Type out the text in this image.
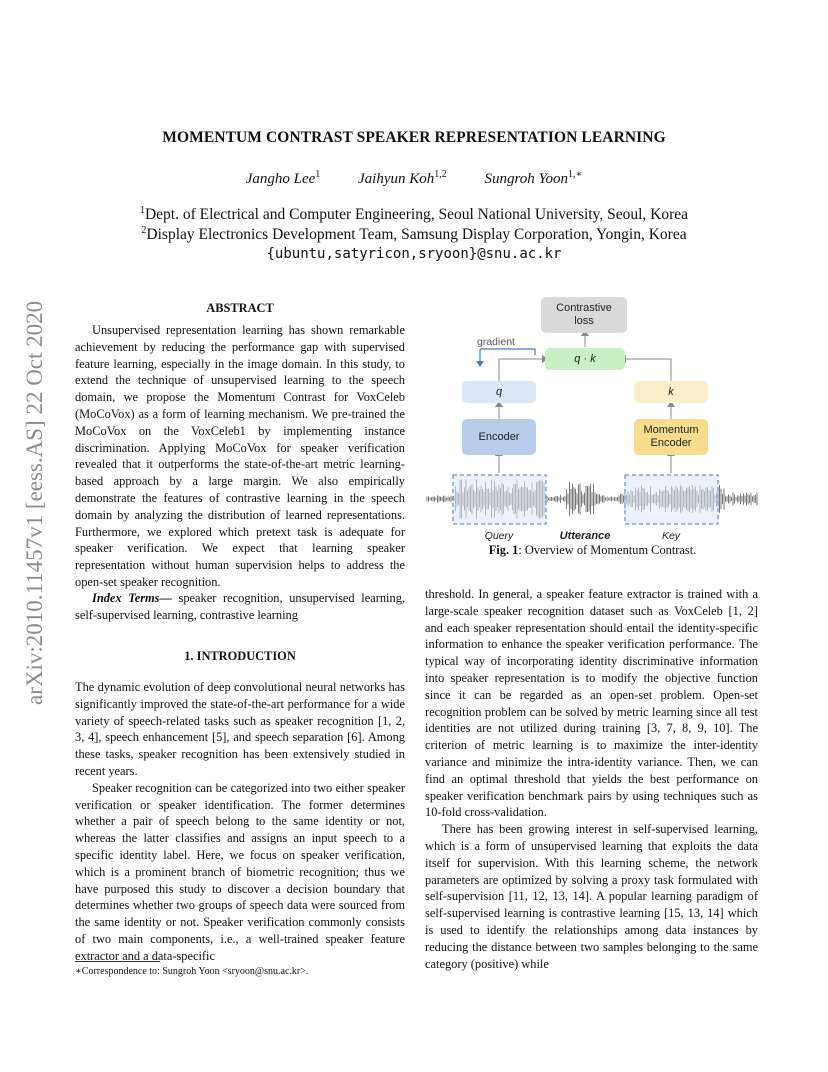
arXiv:2010.11457v1 [eess.AS] 22 Oct 2020
MOMENTUM CONTRAST SPEAKER REPRESENTATION LEARNING
Jangho Lee$^1$	Jaihyun Koh$^{1,2}$	Sungroh Yoon$^{1,∗}$
$^1$Dept. of Electrical and Computer Engineering, Seoul National University, Seoul, Korea
$^2$Display Electronics Development Team, Samsung Display Corporation, Yongin, Korea
{ubuntu,satyricon,sryoon}@snu.ac.kr
ABSTRACT

Unsupervised representation learning has shown remarkable achievement by reducing the performance gap with supervised feature learning, especially in the image domain. In this study, to extend the technique of unsupervised learning to the speech domain, we propose the Momentum Contrast for VoxCeleb (MoCoVox) as a form of learning mechanism. We pre-trained the MoCoVox on the VoxCeleb1 by implementing instance discrimination. Applying MoCoVox for speaker verification revealed that it outperforms the state-of-the-art metric learning-based approach by a large margin. We also empirically demonstrate the features of contrastive learning in the speech domain by analyzing the distribution of learned representations. Furthermore, we explored which pretext task is adequate for speaker verification. We expect that learning speaker representation without human supervision helps to address the open-set speaker recognition.

Index Terms— speaker recognition, unsupervised learning, self-supervised learning, contrastive learning

1. INTRODUCTION

The dynamic evolution of deep convolutional neural networks has significantly improved the state-of-the-art performance for a wide variety of speech-related tasks such as speaker recognition [1, 2, 3, 4], speech enhancement [5], and speech separation [6]. Among these tasks, speaker recognition has been extensively studied in recent years.

Speaker recognition can be categorized into two either speaker verification or speaker identification. The former determines whether a pair of speech belong to the same identity or not, whereas the latter classifies and assigns an input speech to a specific identity label. Here, we focus on speaker verification, which is a prominent branch of biometric recognition; thus we have purposed this study to discover a decision boundary that determines whether two groups of speech data were sourced from the same identity or not. Speaker verification commonly consists of two main components, i.e., a well-trained speaker feature extractor and a data-specific

∗Correspondence to: Sungroh Yoon <sryoon@snu.ac.kr>.
Contrastive loss
gradient
q · k
q	k
Encoder
Momentum Encoder
Query	Utterance	Key
Fig. 1: Overview of Momentum Contrast.

threshold. In general, a speaker feature extractor is trained with a large-scale speaker recognition dataset such as VoxCeleb [1, 2] and each speaker representation should entail the identity-specific information to enhance the speaker verification performance. The typical way of incorporating identity discriminative information into speaker representation is to modify the objective function since it can be regarded as an open-set problem. Open-set recognition problem can be solved by metric learning since all test identities are not utilized during training [3, 7, 8, 9, 10]. The criterion of metric learning is to maximize the inter-identity variance and minimize the intra-identity variance. Then, we can find an optimal threshold that yields the best performance on speaker verification benchmark pairs by using techniques such as 10-fold cross-validation.

There has been growing interest in self-supervised learning, which is a form of unsupervised learning that exploits the data itself for supervision. With this learning scheme, the network parameters are optimized by solving a proxy task formulated with self-supervision [11, 12, 13, 14]. A popular learning paradigm of self-supervised learning is contrastive learning [15, 13, 14] which is used to identify the relationships among data instances by reducing the distance between two samples belonging to the same category (positive) while
